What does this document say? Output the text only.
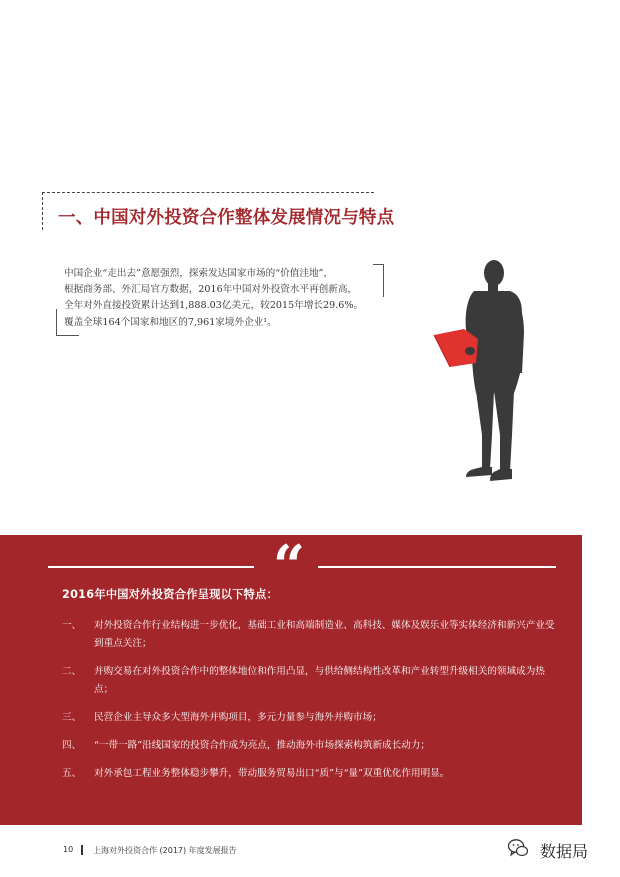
一、中国对外投资合作整体发展情况与特点
中国企业“走出去”意愿强烈，探索发达国家市场的“价值洼地”，
根据商务部、外汇局官方数据，2016年中国对外投资水平再创新高，
全年对外直接投资累计达到1,888.03亿美元，较2015年增长29.6%。
覆盖全球164个国家和地区的7,961家境外企业¹。
“
2016年中国对外投资合作呈现以下特点：
一、 对外投资合作行业结构进一步优化，基础工业和高端制造业、高科技、媒体及娱乐业等实体经济和新兴产业受到重点关注；
二、 并购交易在对外投资合作中的整体地位和作用凸显，与供给侧结构性改革和产业转型升级相关的领域成为热点；
三、 民营企业主导众多大型海外并购项目，多元力量参与海外并购市场；
四、 “一带一路”沿线国家的投资合作成为亮点，推动海外市场探索构筑新成长动力；
五、 对外承包工程业务整体稳步攀升，带动服务贸易出口“质”与“量”双重优化作用明显。
10 上海对外投资合作 (2017) 年度发展报告	数据局
